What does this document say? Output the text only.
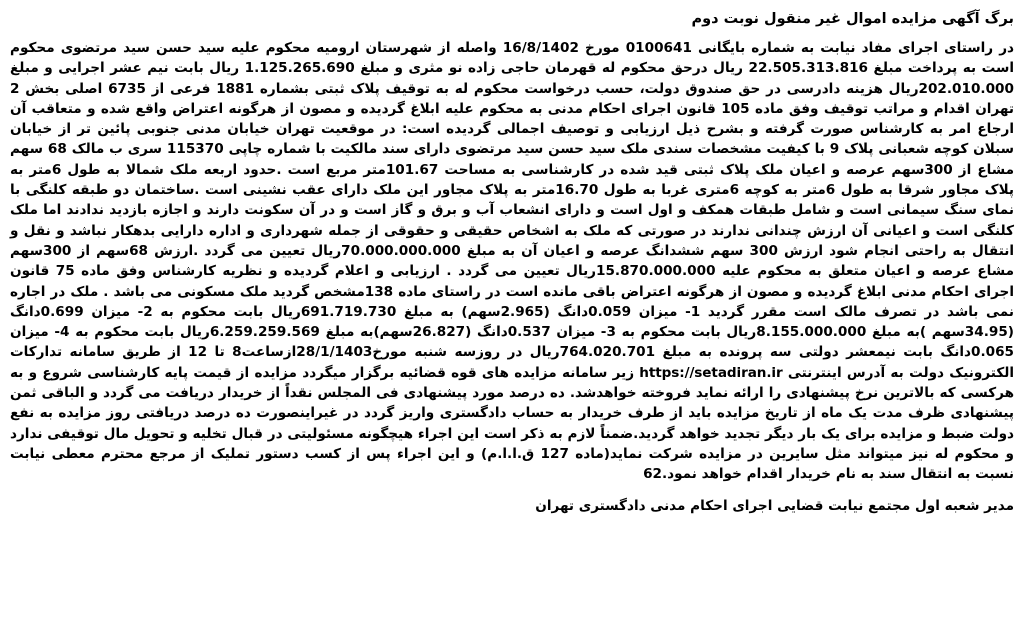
برگ آگهی مزایده اموال غیر منقول نوبت دوم

در راستای اجرای مفاد نیابت به شماره بایگانی 0100641 مورخ 16/8/1402 واصله از شهرستان ارومیه محکوم علیه سید حسن سید مرتضوی محکوم است به پرداخت مبلغ 22.505.313.816 ریال درحق محکوم له قهرمان حاجی زاده نو مثری و مبلغ 1.125.265.690 ریال بابت نیم عشر اجرایی و مبلغ 202.010.000ریال هزینه دادرسی در حق صندوق دولت، حسب درخواست محکوم له به توقیف پلاک ثبتی بشماره 1881 فرعی از 6735 اصلی بخش 2 تهران اقدام و مراتب توقیف وفق ماده 105 قانون اجرای احکام مدنی به محکوم علیه ابلاغ گردیده و مصون از هرگونه اعتراض واقع شده و متعاقب آن ارجاع امر به کارشناس صورت گرفته و بشرح ذیل ارزیابی و توصیف اجمالی گردیده است: در موقعیت تهران خیابان مدنی جنوبی پائین تر از خیابان سبلان کوچه شعبانی پلاک 9 با کیفیت مشخصات سندی ملک سید حسن سید مرتضوی دارای سند مالکیت با شماره چاپی 115370 سری ب مالک 68 سهم مشاع از 300سهم عرصه و اعیان ملک پلاک ثبتی قید شده در کارشناسی به مساحت 101.67متر مربع است .حدود اربعه ملک شمالا به طول 6متر به پلاک مجاور شرقا به طول 6متر به کوچه 6متری غربا به طول 16.70متر به پلاک مجاور این ملک دارای عقب نشینی است .ساختمان دو طبقه کلنگی با نمای سنگ سیمانی است و شامل طبقات همکف و اول است و دارای انشعاب آب و برق و گاز است و در آن سکونت دارند و اجازه بازدید ندادند اما ملک کلنگی است و اعیانی آن ارزش چندانی ندارند در صورتی که ملک به اشخاص حقیقی و حقوقی از جمله شهرداری و اداره دارایی بدهکار نباشد و نقل و انتقال به راحتی انجام شود ارزش 300 سهم ششدانگ عرصه و اعیان آن به مبلغ 70.000.000.000ریال تعیین می گردد .ارزش 68سهم از 300سهم مشاع عرصه و اعیان متعلق به محکوم علیه 15.870.000.000ریال تعیین می گردد . ارزیابی و اعلام گردیده و نظریه کارشناس وفق ماده 75 قانون اجرای احکام مدنی ابلاغ گردیده و مصون از هرگونه اعتراض باقی مانده است در راستای ماده 138مشخص گردید ملک مسکونی می باشد . ملک در اجاره نمی باشد در تصرف مالک است مقرر گردید 1- میزان 0.059دانگ (2.965سهم) به مبلغ 691.719.730ریال بابت محکوم به 2- میزان 0.699دانگ (34.95سهم )به مبلغ 8.155.000.000ریال بابت محکوم به 3- میزان 0.537دانگ (26.827سهم)به مبلغ 6.259.259.569ریال بابت محکوم به 4- میزان 0.065دانگ بابت نیمعشر دولتی سه پرونده به مبلغ 764.020.701ریال در روزسه شنبه مورخ28/1/1403ازساعت8 تا 12 از طریق سامانه تدارکات الکترونیک دولت به آدرس اینترنتی https://setadiran.ir زیر سامانه مزایده های قوه قضائیه برگزار میگردد مزایده از قیمت پایه کارشناسی شروع و به هرکسی که بالاترین نرخ پیشنهادی را ارائه نماید فروخته خواهدشد. ده درصد مورد پیشنهادی فی المجلس نقداً از خریدار دریافت می گردد و الباقی ثمن پیشنهادی ظرف مدت یک ماه از تاریخ مزایده باید از طرف خریدار به حساب دادگستری واریز گردد در غیراینصورت ده درصد دریافتی روز مزایده به نفع دولت ضبط و مزایده برای یک بار دیگر تجدید خواهد گردید.ضمناً لازم به ذکر است این اجراء هیچگونه مسئولیتی در قبال تخلیه و تحویل مال توقیفی ندارد و محکوم له نیز میتواند مثل سایرین در مزایده شرکت نماید(ماده 127 ق.ا.ا.م) و این اجراء پس از کسب دستور تملیک از مرجع محترم معطی نیابت نسبت به انتقال سند به نام خریدار اقدام خواهد نمود.62

مدیر شعبه اول مجتمع نیابت قضایی اجرای احکام مدنی دادگستری تهران
